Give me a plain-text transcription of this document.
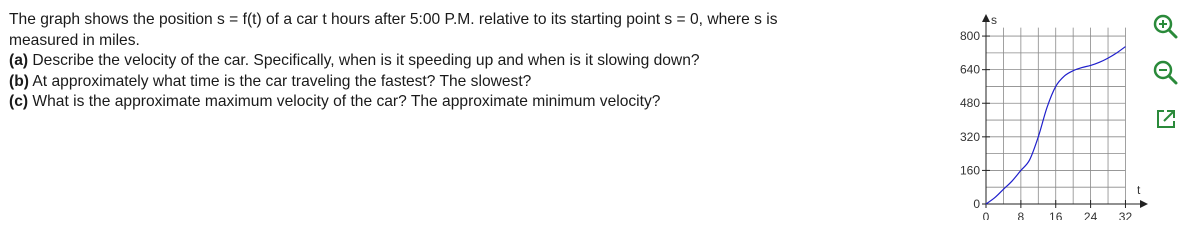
The graph shows the position s = f(t) of a car t hours after 5:00 P.M. relative to its starting point s = 0, where s is
measured in miles.

(a) Describe the velocity of the car. Specifically, when is it speeding up and when is it slowing down?

(b) At approximately what time is the car traveling the fastest? The slowest?

(c) What is the approximate maximum velocity of the car? The approximate minimum velocity?

0 8 16 24 32
0
160
320
480
640
800
t
s
